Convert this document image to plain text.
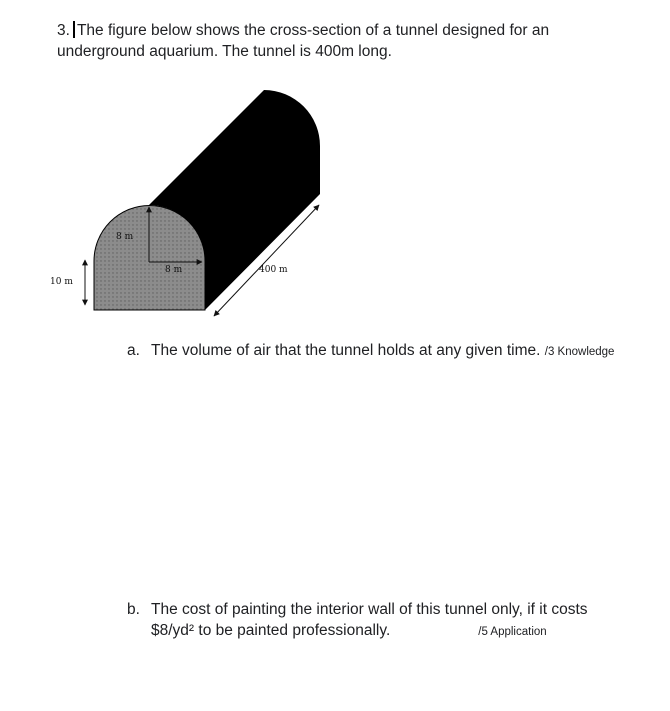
3. The figure below shows the cross-section of a tunnel designed for an
underground aquarium. The tunnel is 400m long.
8 m
8 m
10 m
400 m
a. The volume of air that the tunnel holds at any given time. /3 Knowledge
b. The cost of painting the interior wall of this tunnel only, if it costs
$8/yd² to be painted professionally.	/5 Application
